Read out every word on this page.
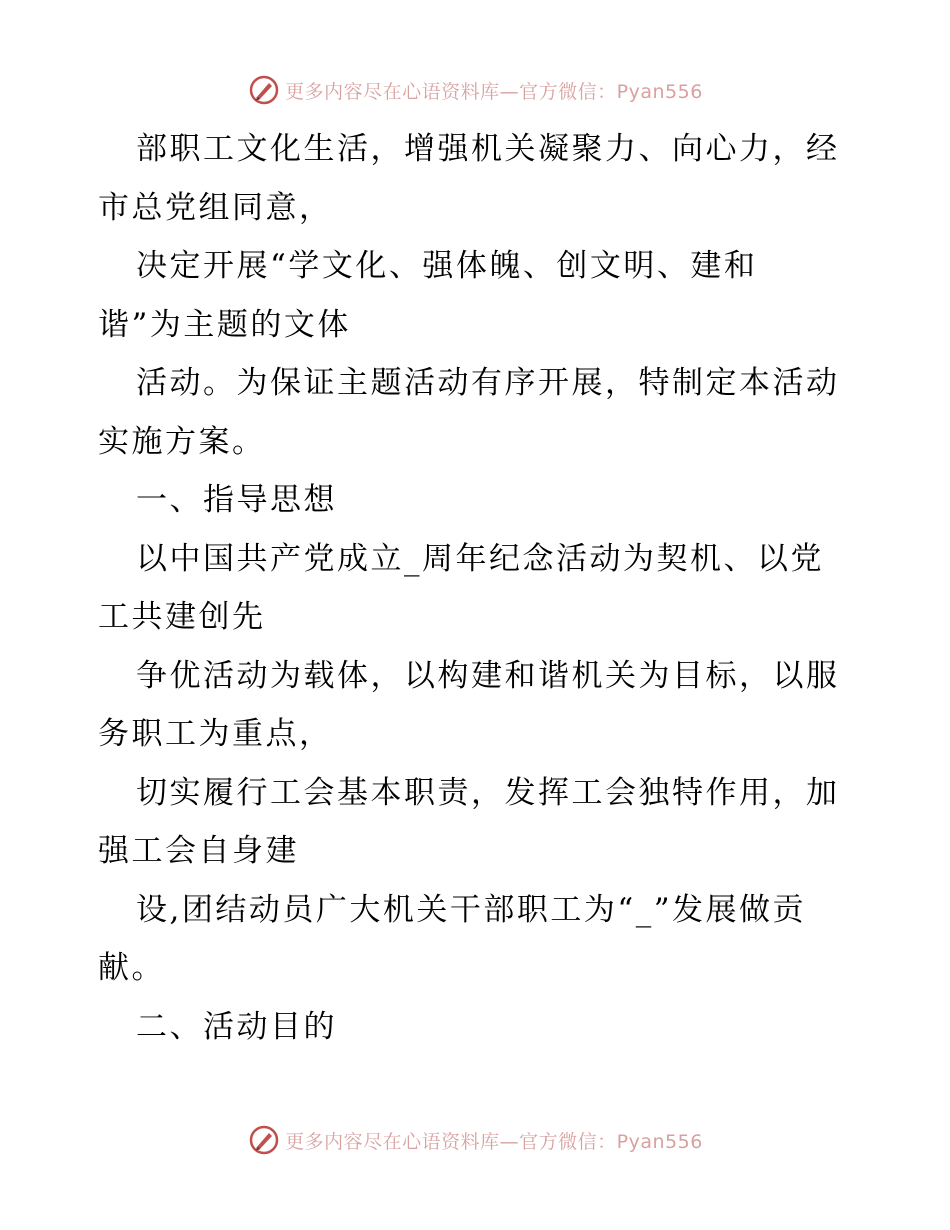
更多内容尽在心语资料库—官方微信：Pyan556
部职工文化生活，增强机关凝聚力、向心力，经
市总党组同意，
决定开展“学文化、强体魄、创文明、建和
谐”为主题的文体
活动。为保证主题活动有序开展，特制定本活动
实施方案。
一、指导思想
以中国共产党成立_周年纪念活动为契机、以党
工共建创先
争优活动为载体，以构建和谐机关为目标，以服
务职工为重点，
切实履行工会基本职责，发挥工会独特作用，加
强工会自身建
设,团结动员广大机关干部职工为“_”发展做贡
献。
二、活动目的
更多内容尽在心语资料库—官方微信：Pyan556
